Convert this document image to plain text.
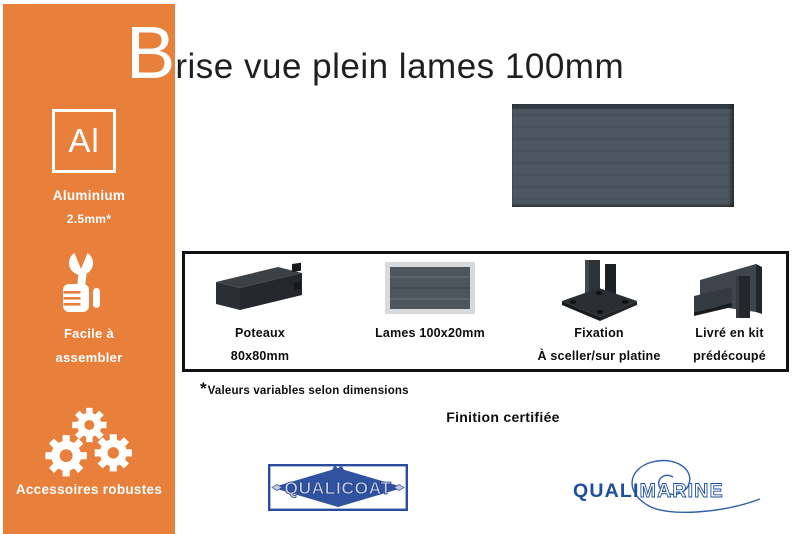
Al
Aluminium
2.5mm*
Facile à
assembler
Accessoires robustes
B rise vue plein lames 100mm
Poteaux
80x80mm
Lames 100x20mm	Fixation
À sceller/sur platine
Livré en kit
prédécoupé
* Valeurs variables selon dimensions
Finition certifiée
QUALICOAT	QUALIMARINE
